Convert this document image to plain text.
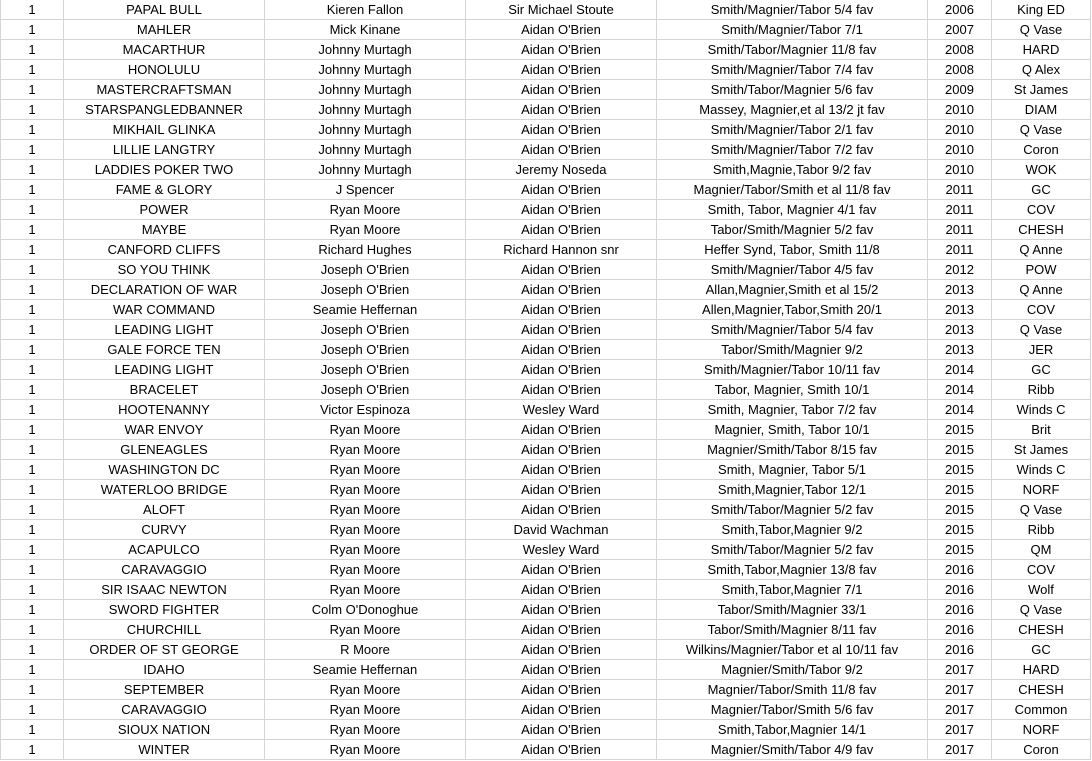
1	PAPAL BULL	Kieren Fallon	Sir Michael Stoute	Smith/Magnier/Tabor 5/4 fav	2006	King ED
1	MAHLER	Mick Kinane	Aidan O'Brien	Smith/Magnier/Tabor 7/1	2007	Q Vase
1	MACARTHUR	Johnny Murtagh	Aidan O'Brien	Smith/Tabor/Magnier 11/8 fav	2008	HARD
1	HONOLULU	Johnny Murtagh	Aidan O'Brien	Smith/Magnier/Tabor 7/4 fav	2008	Q Alex
1	MASTERCRAFTSMAN	Johnny Murtagh	Aidan O'Brien	Smith/Tabor/Magnier 5/6 fav	2009	St James
1	STARSPANGLEDBANNER	Johnny Murtagh	Aidan O'Brien	Massey, Magnier,et al 13/2 jt fav	2010	DIAM
1	MIKHAIL GLINKA	Johnny Murtagh	Aidan O'Brien	Smith/Magnier/Tabor 2/1 fav	2010	Q Vase
1	LILLIE LANGTRY	Johnny Murtagh	Aidan O'Brien	Smith/Magnier/Tabor 7/2 fav	2010	Coron
1	LADDIES POKER TWO	Johnny Murtagh	Jeremy Noseda	Smith,Magnie,Tabor 9/2 fav	2010	WOK
1	FAME & GLORY	J Spencer	Aidan O'Brien	Magnier/Tabor/Smith et al 11/8 fav	2011	GC
1	POWER	Ryan Moore	Aidan O'Brien	Smith, Tabor, Magnier 4/1 fav	2011	COV
1	MAYBE	Ryan Moore	Aidan O'Brien	Tabor/Smith/Magnier 5/2 fav	2011	CHESH
1	CANFORD CLIFFS	Richard Hughes	Richard Hannon snr	Heffer Synd, Tabor, Smith 11/8	2011	Q Anne
1	SO YOU THINK	Joseph O'Brien	Aidan O'Brien	Smith/Magnier/Tabor 4/5 fav	2012	POW
1	DECLARATION OF WAR	Joseph O'Brien	Aidan O'Brien	Allan,Magnier,Smith et al 15/2	2013	Q Anne
1	WAR COMMAND	Seamie Heffernan	Aidan O'Brien	Allen,Magnier,Tabor,Smith 20/1	2013	COV
1	LEADING LIGHT	Joseph O'Brien	Aidan O'Brien	Smith/Magnier/Tabor 5/4 fav	2013	Q Vase
1	GALE FORCE TEN	Joseph O'Brien	Aidan O'Brien	Tabor/Smith/Magnier 9/2	2013	JER
1	LEADING LIGHT	Joseph O'Brien	Aidan O'Brien	Smith/Magnier/Tabor 10/11 fav	2014	GC
1	BRACELET	Joseph O'Brien	Aidan O'Brien	Tabor, Magnier, Smith 10/1	2014	Ribb
1	HOOTENANNY	Victor Espinoza	Wesley Ward	Smith, Magnier, Tabor 7/2 fav	2014	Winds C
1	WAR ENVOY	Ryan Moore	Aidan O'Brien	Magnier, Smith, Tabor 10/1	2015	Brit
1	GLENEAGLES	Ryan Moore	Aidan O'Brien	Magnier/Smith/Tabor 8/15 fav	2015	St James
1	WASHINGTON DC	Ryan Moore	Aidan O'Brien	Smith, Magnier, Tabor 5/1	2015	Winds C
1	WATERLOO BRIDGE	Ryan Moore	Aidan O'Brien	Smith,Magnier,Tabor 12/1	2015	NORF
1	ALOFT	Ryan Moore	Aidan O'Brien	Smith/Tabor/Magnier 5/2 fav	2015	Q Vase
1	CURVY	Ryan Moore	David Wachman	Smith,Tabor,Magnier 9/2	2015	Ribb
1	ACAPULCO	Ryan Moore	Wesley Ward	Smith/Tabor/Magnier 5/2 fav	2015	QM
1	CARAVAGGIO	Ryan Moore	Aidan O'Brien	Smith,Tabor,Magnier 13/8 fav	2016	COV
1	SIR ISAAC NEWTON	Ryan Moore	Aidan O'Brien	Smith,Tabor,Magnier 7/1	2016	Wolf
1	SWORD FIGHTER	Colm O'Donoghue	Aidan O'Brien	Tabor/Smith/Magnier 33/1	2016	Q Vase
1	CHURCHILL	Ryan Moore	Aidan O'Brien	Tabor/Smith/Magnier 8/11 fav	2016	CHESH
1	ORDER OF ST GEORGE	R Moore	Aidan O'Brien	Wilkins/Magnier/Tabor et al 10/11 fav	2016	GC
1	IDAHO	Seamie Heffernan	Aidan O'Brien	Magnier/Smith/Tabor 9/2	2017	HARD
1	SEPTEMBER	Ryan Moore	Aidan O'Brien	Magnier/Tabor/Smith 11/8 fav	2017	CHESH
1	CARAVAGGIO	Ryan Moore	Aidan O'Brien	Magnier/Tabor/Smith 5/6 fav	2017	Common
1	SIOUX NATION	Ryan Moore	Aidan O'Brien	Smith,Tabor,Magnier 14/1	2017	NORF
1	WINTER	Ryan Moore	Aidan O'Brien	Magnier/Smith/Tabor 4/9 fav	2017	Coron
